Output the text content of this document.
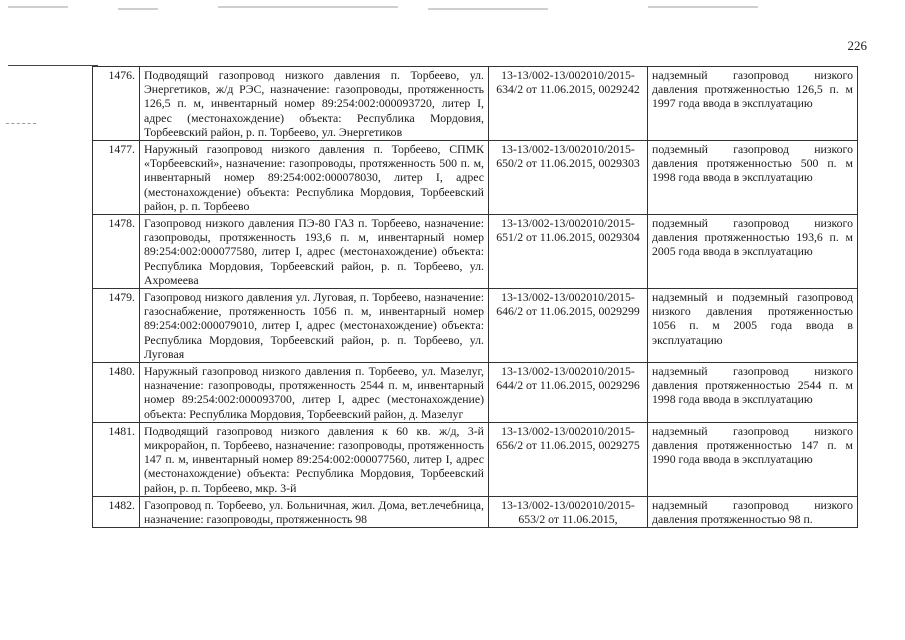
226
1476.	Подводящий газопровод низкого давления п. Торбеево, ул. Энергетиков, ж/д РЭС, назначение: газопроводы, протяженность 126,5 п. м, инвентарный номер 89:254:002:000093720, литер I, адрес (местонахождение) объекта: Республика Мордовия, Торбеевский район, р. п. Торбеево, ул. Энергетиков	13-13/002-13/002010/2015-634/2 от 11.06.2015, 0029242	надземный газопровод низкого давления протяженностью 126,5 п. м 1997 года ввода в эксплуатацию
1477.	Наружный газопровод низкого давления п. Торбеево, СПМК «Торбеевский», назначение: газопроводы, протяженность 500 п. м, инвентарный номер 89:254:002:000078030, литер I, адрес (местонахождение) объекта: Республика Мордовия, Торбеевский район, р. п. Торбеево	13-13/002-13/002010/2015-650/2 от 11.06.2015, 0029303	подземный газопровод низкого давления протяженностью 500 п. м 1998 года ввода в эксплуатацию
1478.	Газопровод низкого давления ПЭ-80 ГАЗ п. Торбеево, назначение: газопроводы, протяженность 193,6 п. м, инвентарный номер 89:254:002:000077580, литер I, адрес (местонахождение) объекта: Республика Мордовия, Торбеевский район, р. п. Торбеево, ул. Ахромеева	13-13/002-13/002010/2015-651/2 от 11.06.2015, 0029304	подземный газопровод низкого давления протяженностью 193,6 п. м 2005 года ввода в эксплуатацию
1479.	Газопровод низкого давления ул. Луговая, п. Торбеево, назначение: газоснабжение, протяженность 1056 п. м, инвентарный номер 89:254:002:000079010, литер I, адрес (местонахождение) объекта: Республика Мордовия, Торбеевский район, р. п. Торбеево, ул. Луговая	13-13/002-13/002010/2015-646/2 от 11.06.2015, 0029299	надземный и подземный газопровод низкого давления протяженностью 1056 п. м 2005 года ввода в эксплуатацию
1480.	Наружный газопровод низкого давления п. Торбеево, ул. Мазелуг, назначение: газопроводы, протяженность 2544 п. м, инвентарный номер 89:254:002:000093700, литер I, адрес (местонахождение) объекта: Республика Мордовия, Торбеевский район, д. Мазелуг	13-13/002-13/002010/2015-644/2 от 11.06.2015, 0029296	надземный газопровод низкого давления протяженностью 2544 п. м 1998 года ввода в эксплуатацию
1481.	Подводящий газопровод низкого давления к 60 кв. ж/д, 3-й микрорайон, п. Торбеево, назначение: газопроводы, протяженность 147 п. м, инвентарный номер 89:254:002:000077560, литер I, адрес (местонахождение) объекта: Республика Мордовия, Торбеевский район, р. п. Торбеево, мкр. 3-й	13-13/002-13/002010/2015-656/2 от 11.06.2015, 0029275	надземный газопровод низкого давления протяженностью 147 п. м 1990 года ввода в эксплуатацию
1482.	Газопровод п. Торбеево, ул. Больничная, жил. Дома, вет.лечебница, назначение: газопроводы, протяженность 98	13-13/002-13/002010/2015-653/2 от 11.06.2015,	надземный газопровод низкого давления протяженностью 98 п.
